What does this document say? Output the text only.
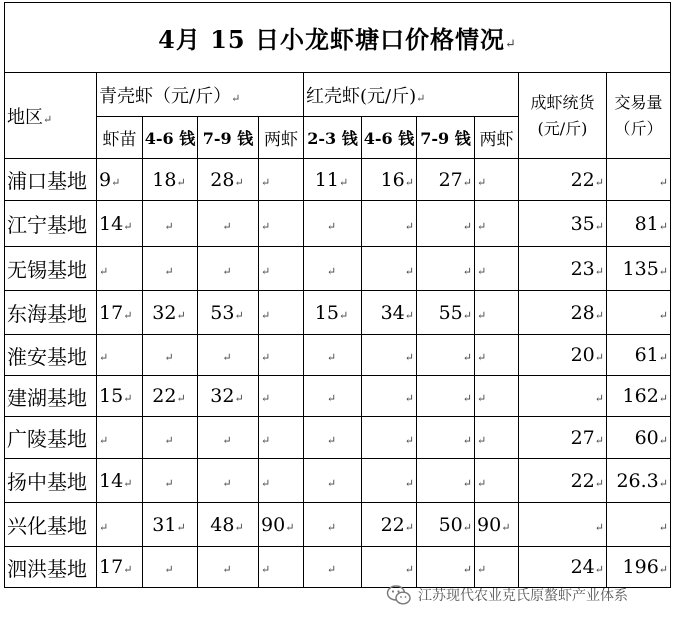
4月 15 日小龙虾塘口价格情况↵										
地区↵	青壳虾（元/斤）↵				红壳虾(元/斤)↵				成虾统货
(元/斤)	交易量
（斤）
	虾苗	4-6 钱	7-9 钱	两虾	2-3 钱	4-6 钱	7-9 钱	两虾		
浦口基地	9↵	18↵	28↵	↵	11↵	16↵	27↵	↵	22↵	↵
江宁基地	14↵	↵	↵	↵	↵	↵	↵	↵	35↵	81↵
无锡基地	↵	↵	↵	↵	↵	↵	↵	↵	23↵	135↵
东海基地	17↵	32↵	53↵	↵	15↵	34↵	55↵	↵	28↵	↵
淮安基地	↵	↵	↵	↵	↵	↵	↵	↵	20↵	61↵
建湖基地	15↵	22↵	32↵	↵	↵	↵	↵	↵	↵	162↵
广陵基地	↵	↵	↵	↵	↵	↵	↵	↵	27↵	60↵
扬中基地	14↵	↵	↵	↵	↵	↵	↵	↵	22↵	26.3↵
兴化基地	↵	31↵	48↵	90↵	↵	22↵	50↵	90↵	↵	↵
泗洪基地	17↵	↵	↵	↵	↵	↵	↵	↵	24↵	196↵
江苏现代农业克氏原螯虾产业体系
